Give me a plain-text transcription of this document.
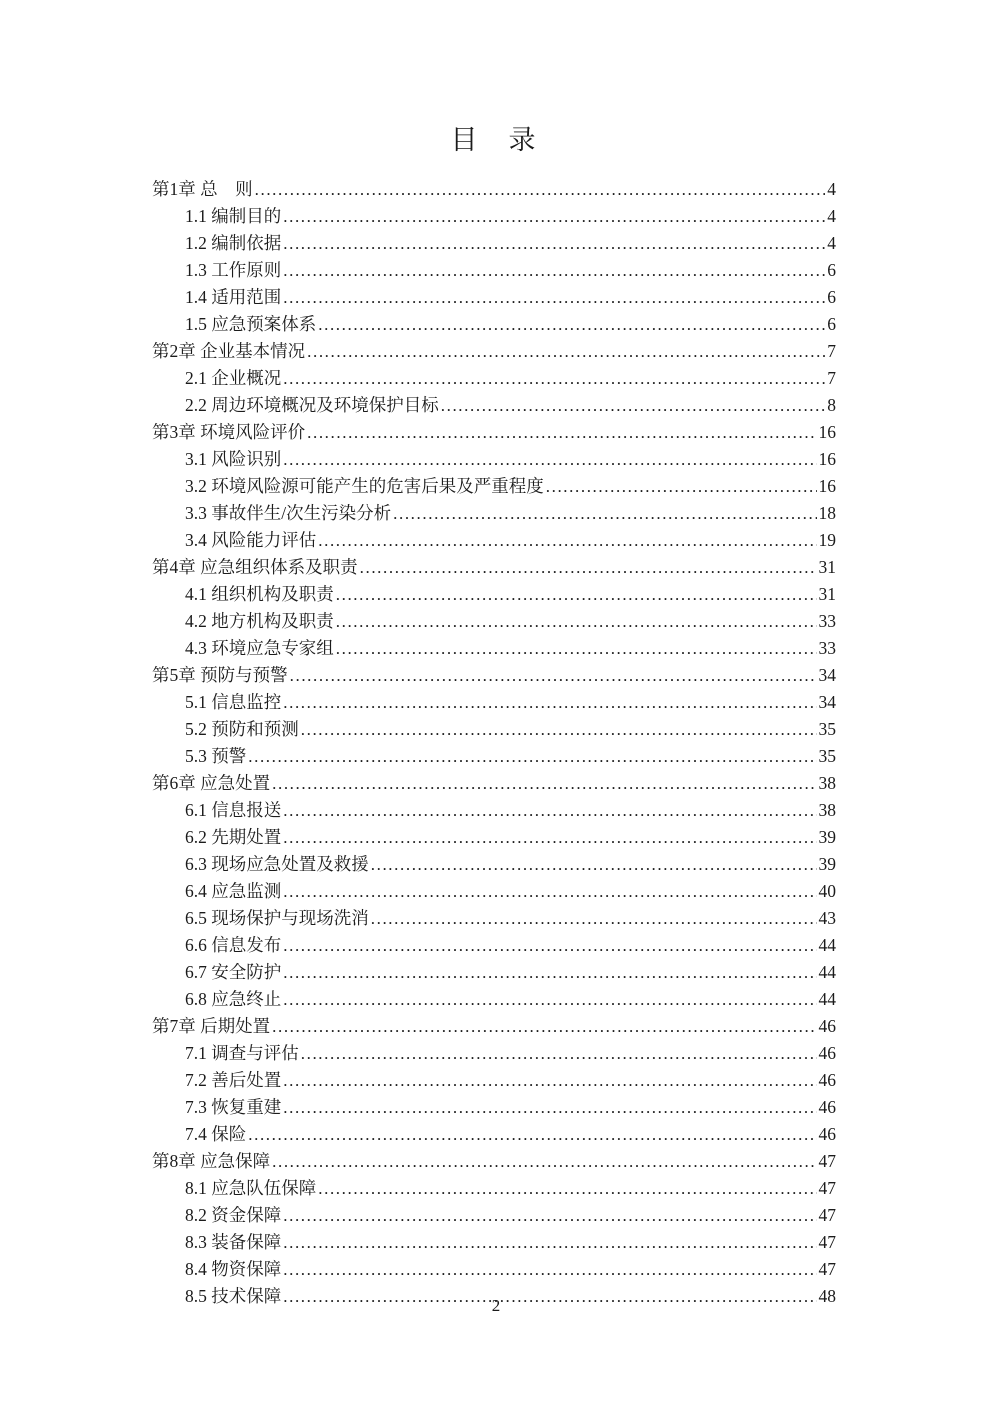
目　录
第1章 总　则 .....	4
1.1 编制目的 .....	4
1.2 编制依据 .....	4
1.3 工作原则 .....	6
1.4 适用范围 .....	6
1.5 应急预案体系 .....	6
第2章 企业基本情况 .....	7
2.1 企业概况 .....	7
2.2 周边环境概况及环境保护目标 .....	8
第3章 环境风险评价 .....	16
3.1 风险识别 .....	16
3.2 环境风险源可能产生的危害后果及严重程度 .....	16
3.3 事故伴生/次生污染分析 .....	18
3.4 风险能力评估 .....	19
第4章 应急组织体系及职责 .....	31
4.1 组织机构及职责 .....	31
4.2 地方机构及职责 .....	33
4.3 环境应急专家组 .....	33
第5章 预防与预警 .....	34
5.1 信息监控 .....	34
5.2 预防和预测 .....	35
5.3 预警 .....	35
第6章 应急处置 .....	38
6.1 信息报送 .....	38
6.2 先期处置 .....	39
6.3 现场应急处置及救援 .....	39
6.4 应急监测 .....	40
6.5 现场保护与现场洗消 .....	43
6.6 信息发布 .....	44
6.7 安全防护 .....	44
6.8 应急终止 .....	44
第7章 后期处置 .....	46
7.1 调查与评估 .....	46
7.2 善后处置 .....	46
7.3 恢复重建 .....	46
7.4 保险 .....	46
第8章 应急保障 .....	47
8.1 应急队伍保障 .....	47
8.2 资金保障 .....	47
8.3 装备保障 .....	47
8.4 物资保障 .....	47
8.5 技术保障 .....	48
2
